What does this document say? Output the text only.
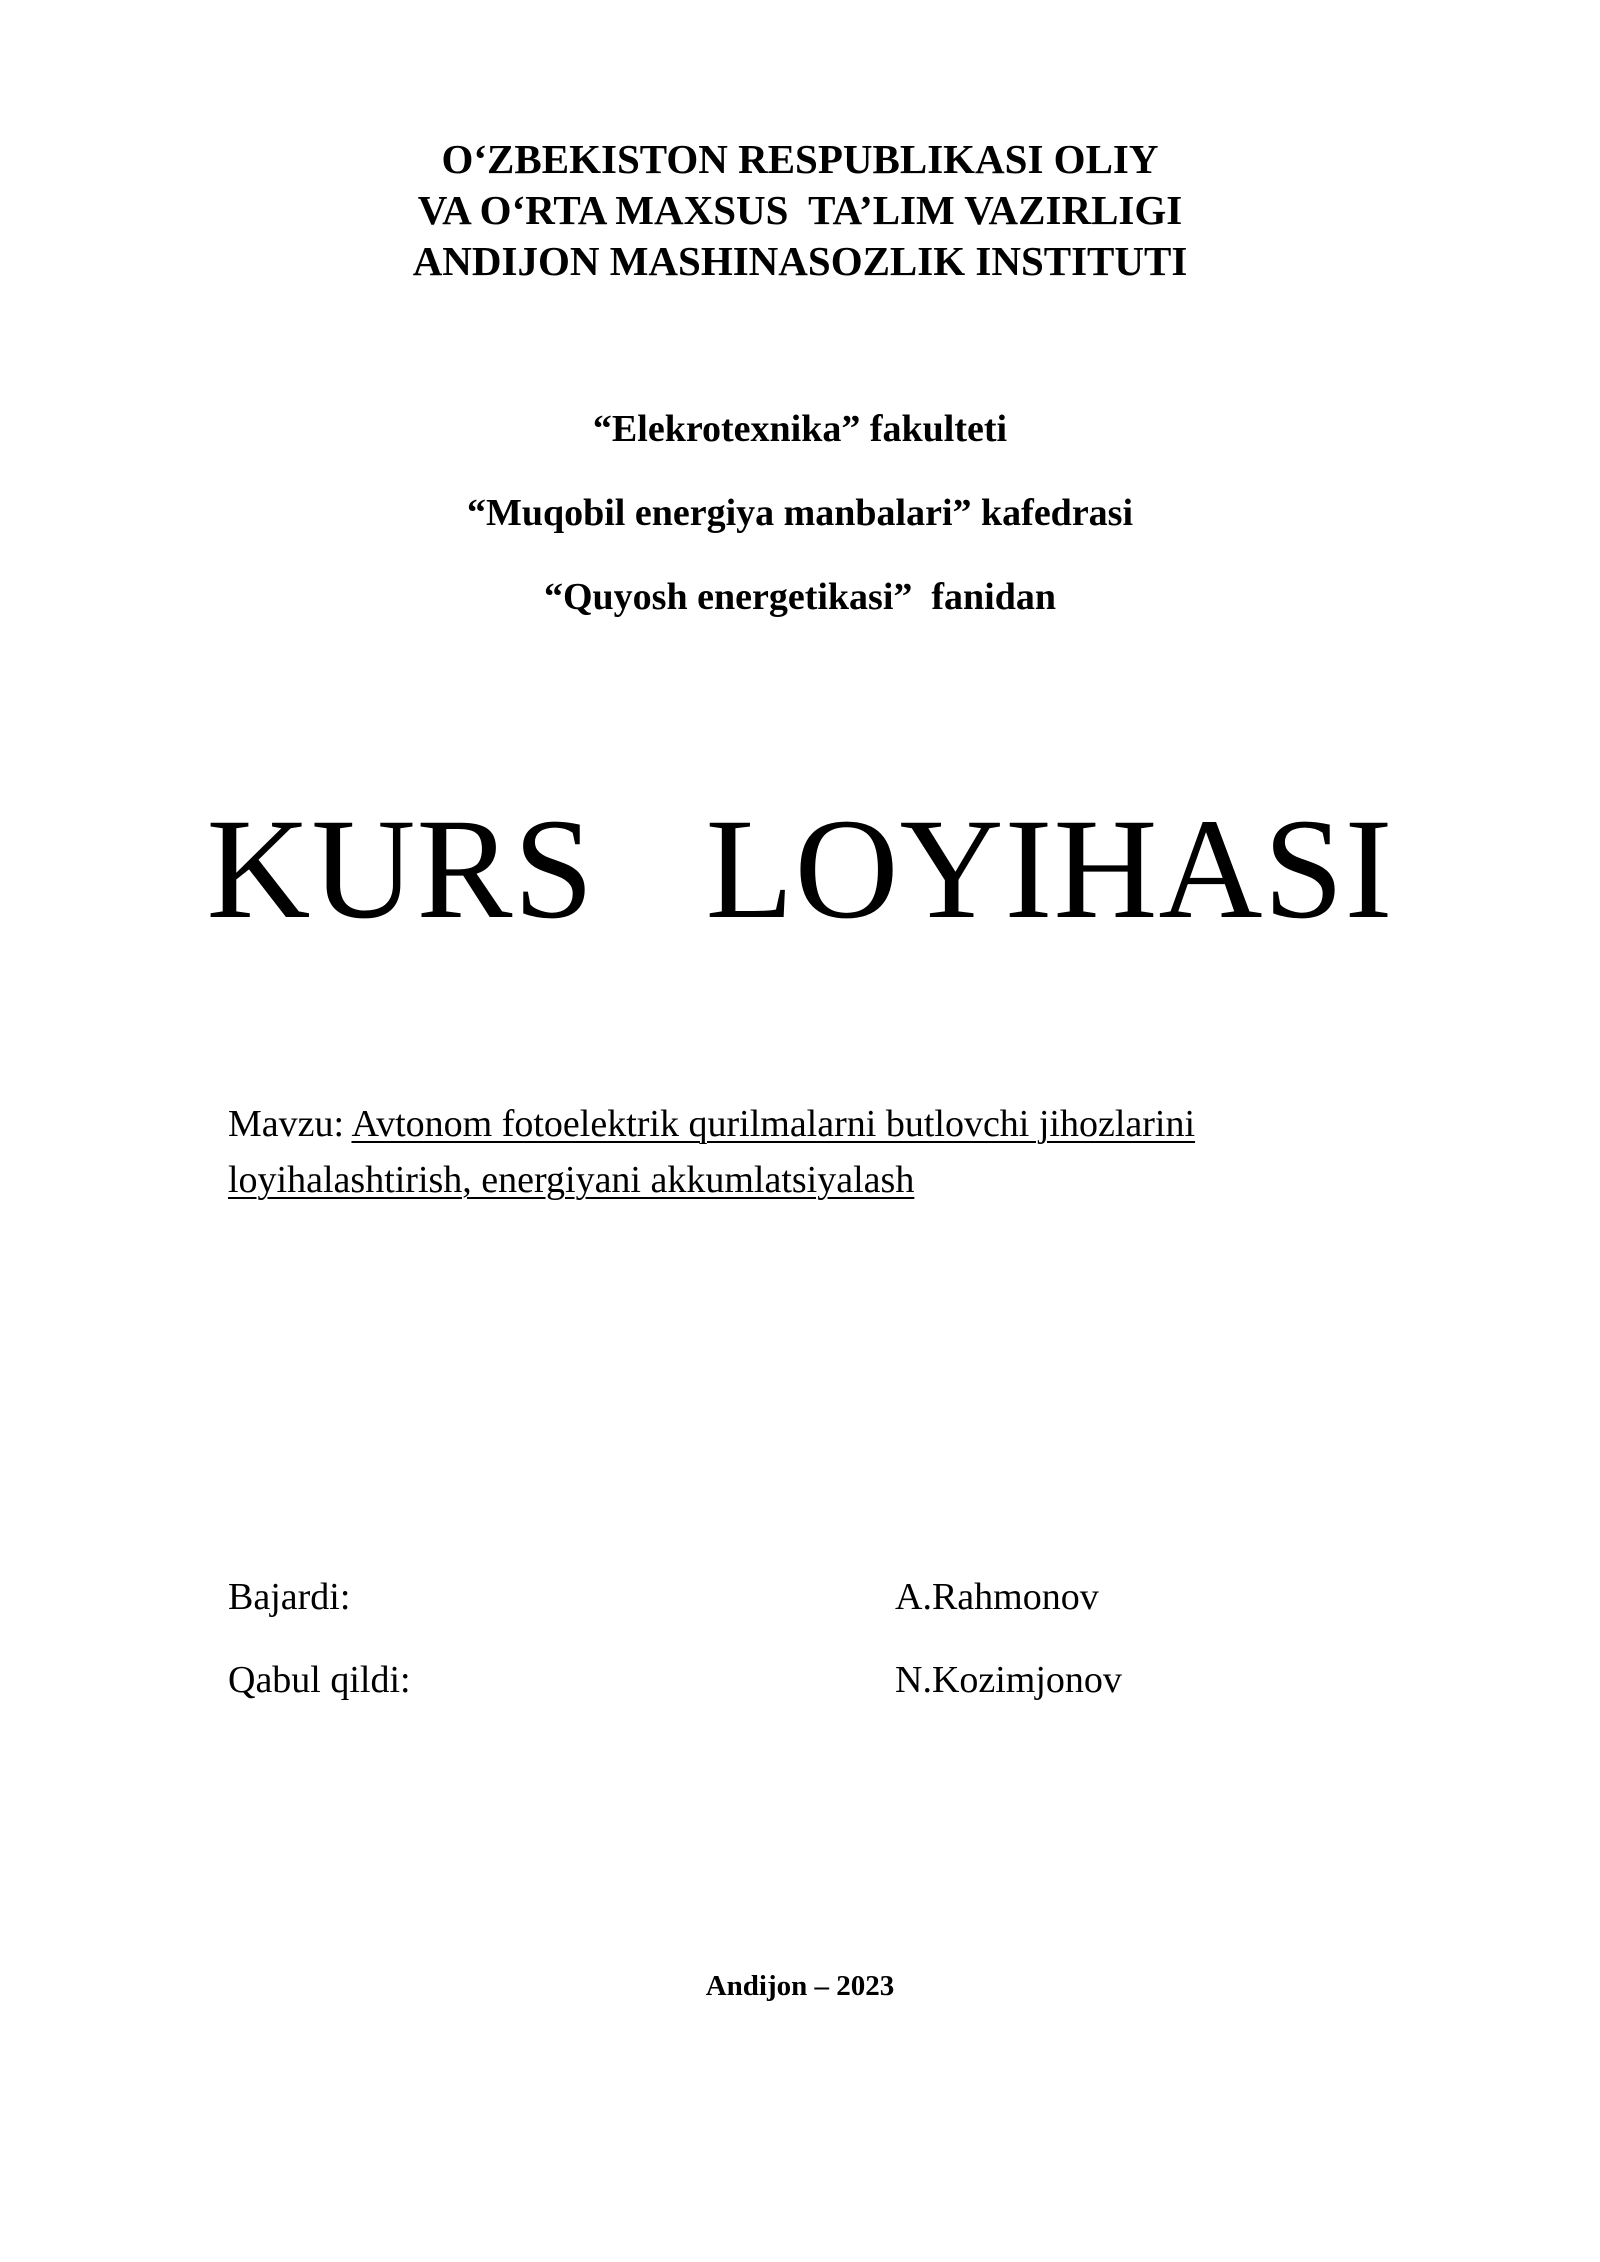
O‘ZBEKISTON RESPUBLIKASI OLIY
VA O‘RTA MAXSUS  TA’LIM VAZIRLIGI
ANDIJON MASHINASOZLIK INSTITUTI
“Elekrotexnika” fakulteti
“Muqobil energiya manbalari” kafedrasi
“Quyosh energetikasi”  fanidan
KURS   LOYIHASI
Mavzu: Avtonom fotoelektrik qurilmalarni butlovchi jihozlarini loyihalashtirish, energiyani akkumlatsiyalash
Bajardi:	A.Rahmonov
Qabul qildi:	N.Kozimjonov
Andijon – 2023
